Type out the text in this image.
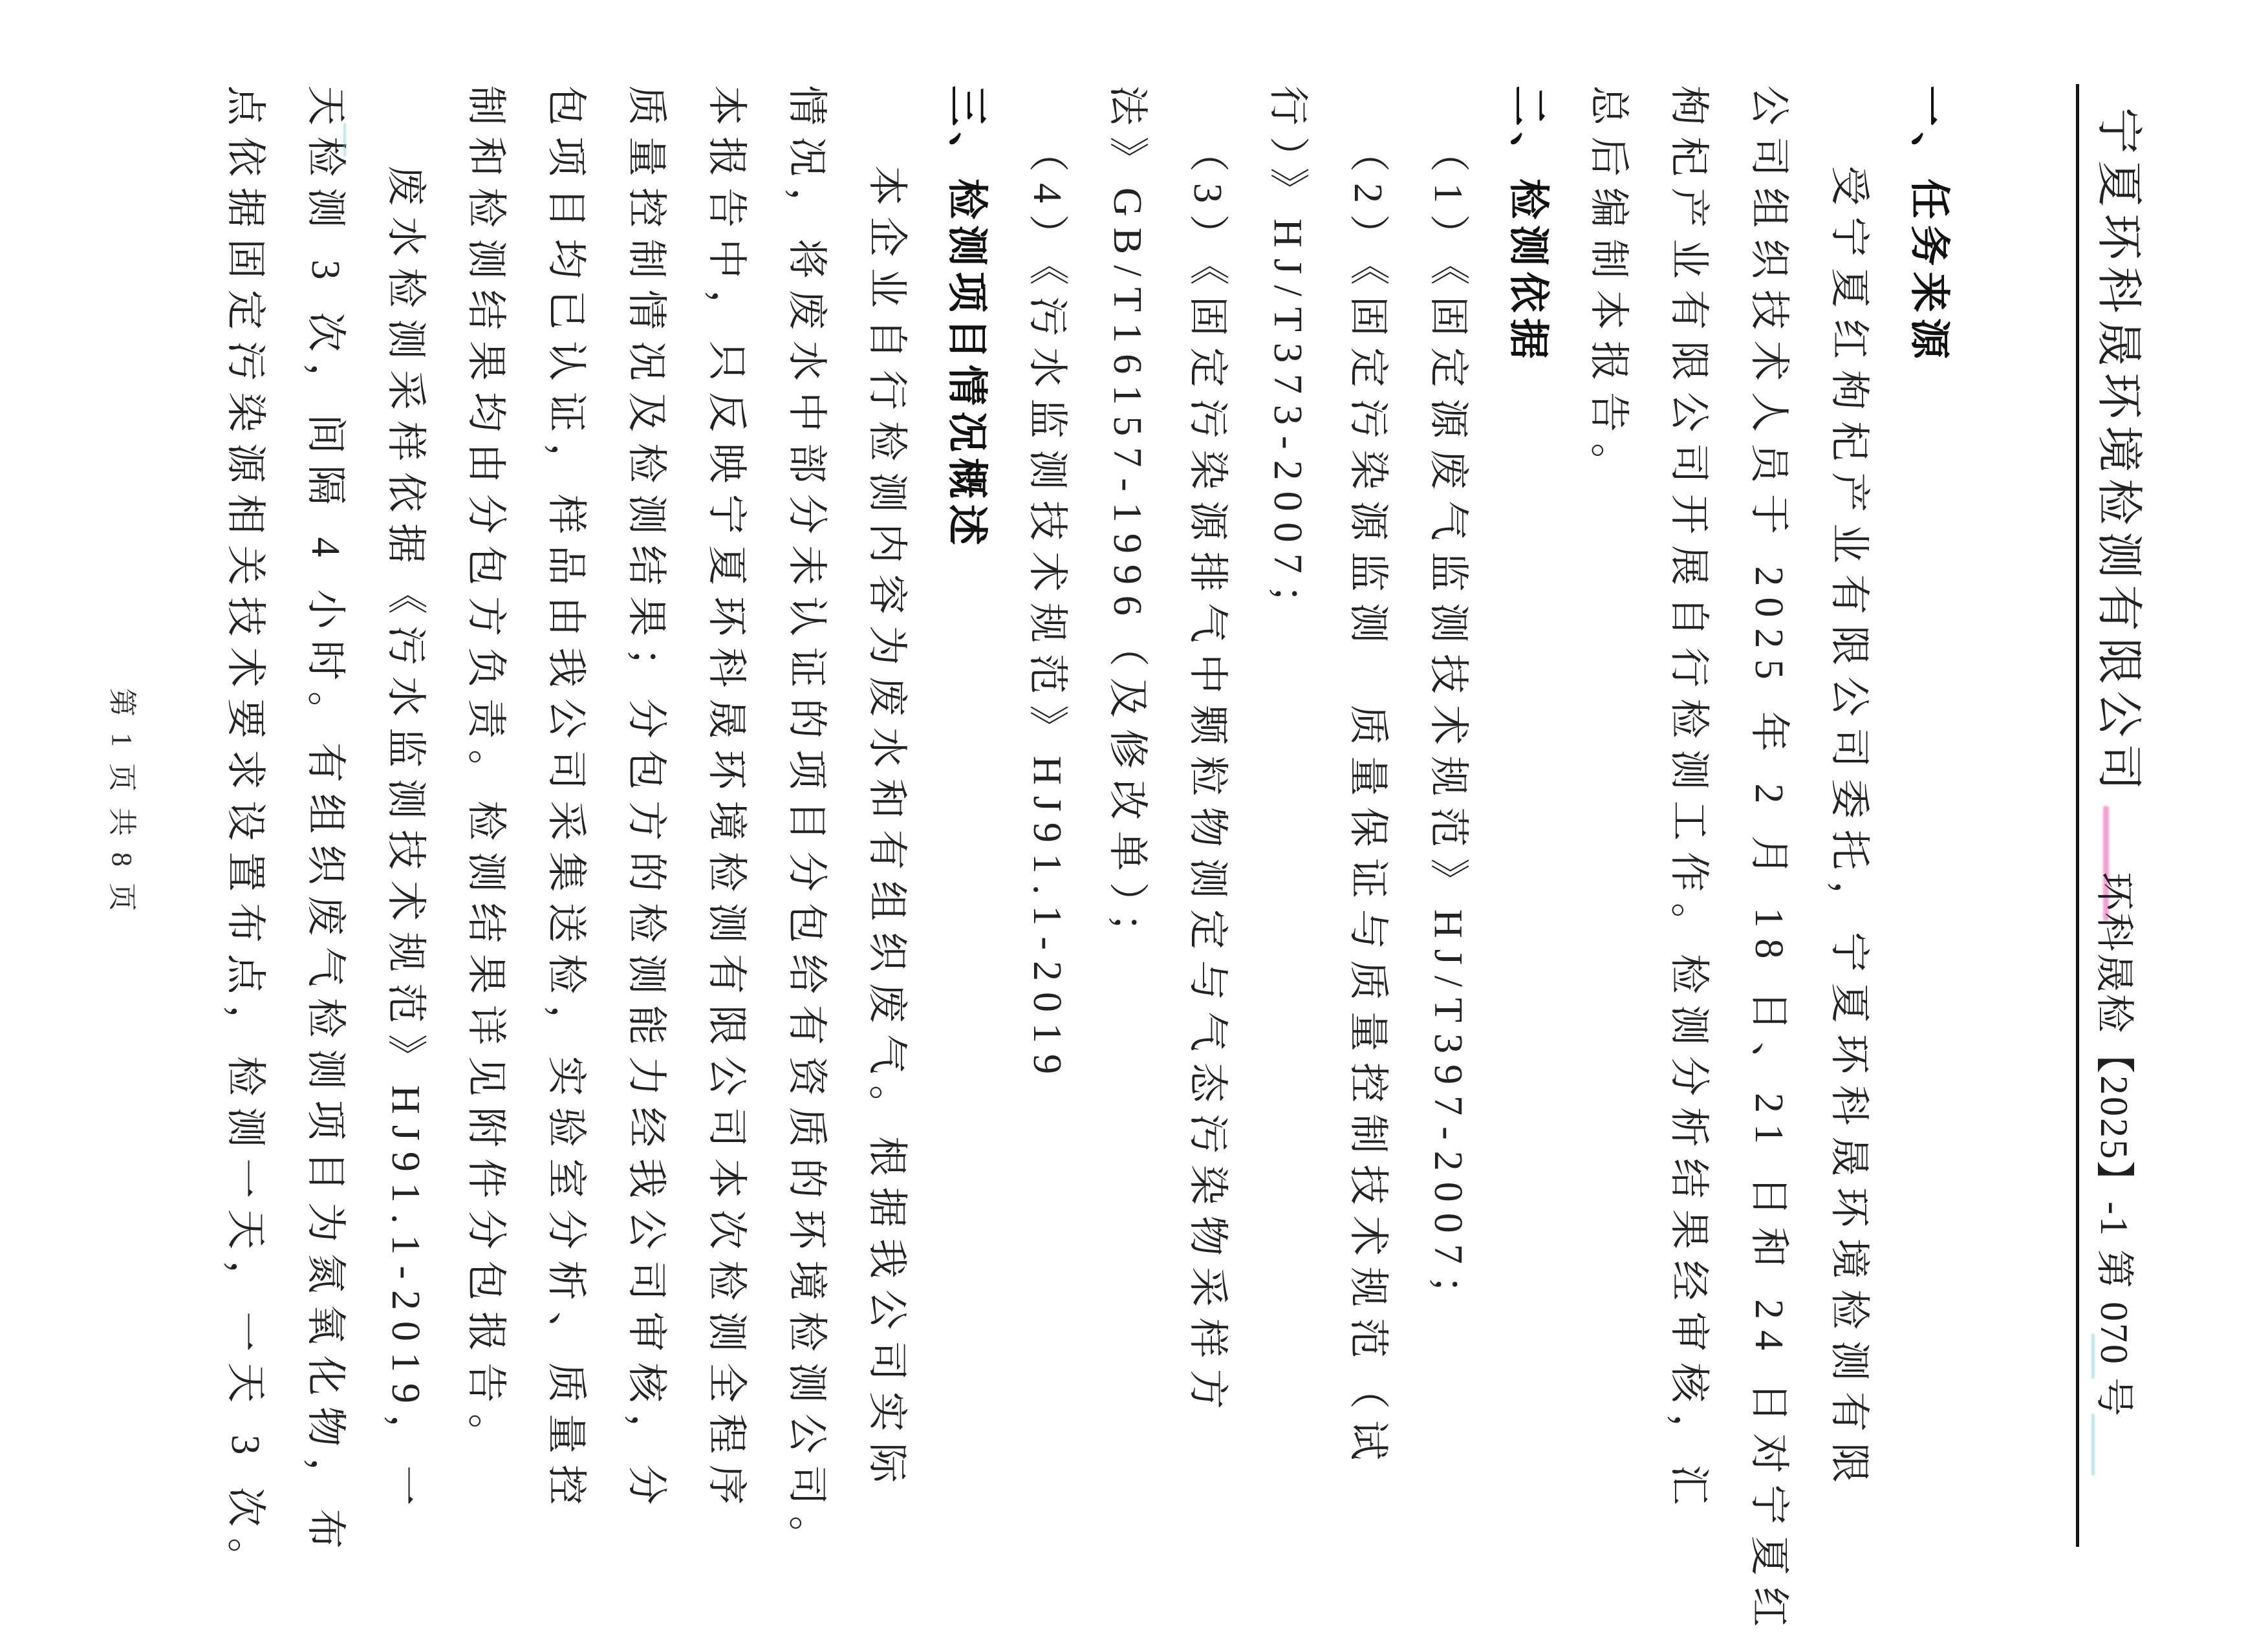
宁夏环科晟环境检测有限公司
环科晟检【2025】-1 第 070 号
一、任务来源
受宁夏红枸杞产业有限公司委托，宁夏环科晟环境检测有限
公司组织技术人员于 2025 年 2 月 18 日、21 日和 24 日对宁夏红
枸杞产业有限公司开展自行检测工作。检测分析结果经审核，汇
总后编制本报告。
二、检测依据
（1）《固定源废气监测技术规范》HJ/T397-2007；
（2）《固定污染源监测　质量保证与质量控制技术规范（试
行）》HJ/T373-2007；
（3）《固定污染源排气中颗粒物测定与气态污染物采样方
法》GB/T16157-1996（及修改单）；
（4）《污水监测技术规范》HJ91.1-2019
三、检测项目情况概述
本企业自行检测内容为废水和有组织废气。根据我公司实际
情况，将废水中部分未认证的项目分包给有资质的环境检测公司。
本报告中，只反映宁夏环科晟环境检测有限公司本次检测全程序
质量控制情况及检测结果；分包方的检测能力经我公司审核，分
包项目均已认证，样品由我公司采集送检，实验室分析、质量控
制和检测结果均由分包方负责。检测结果详见附件分包报告。
废水检测采样依据《污水监测技术规范》HJ91.1-2019，一
天检测 3 次，间隔 4 小时。有组织废气检测项目为氮氧化物，布
点依据固定污染源相关技术要求设置布点，检测一天，一天 3 次。
第 1 页 共 8 页
